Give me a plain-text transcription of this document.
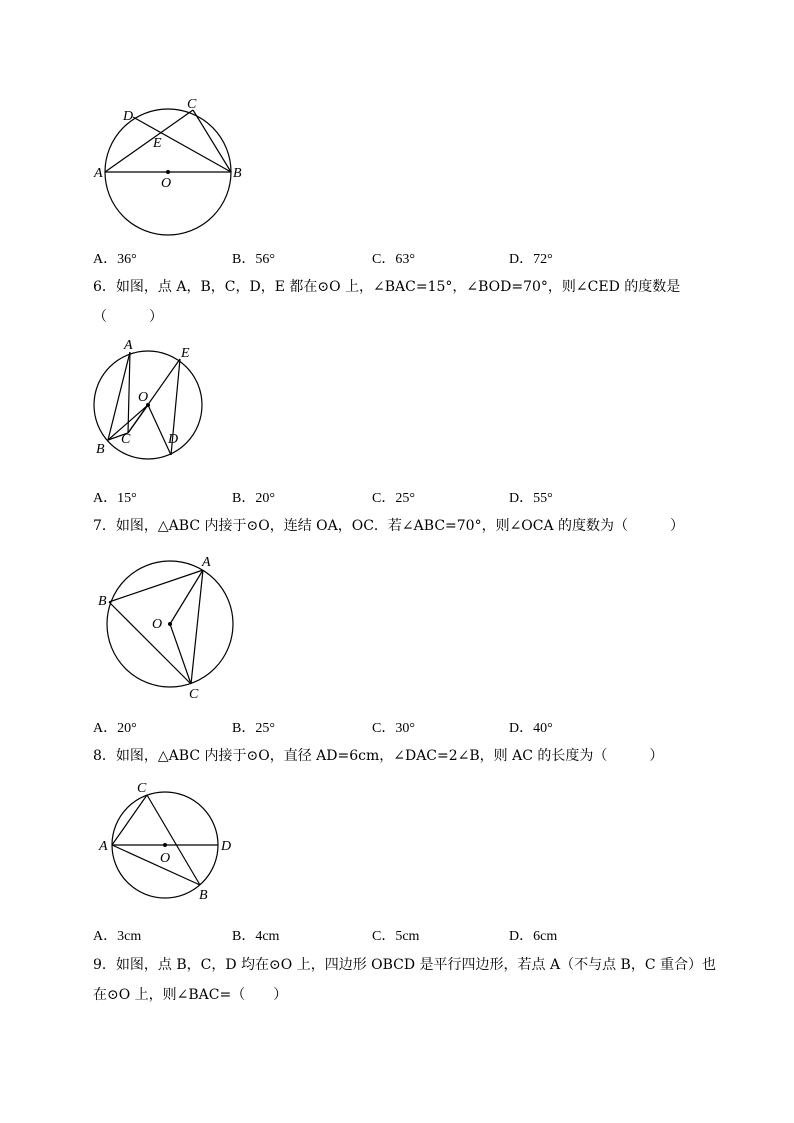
D
C
E
A
O
B
A．36°	B．56°	C．63°	D．72°
6．如图，点 A，B，C，D，E 都在⊙O 上，∠BAC=15°，∠BOD=70°，则∠CED 的度数是
（　　　）
A
E
O
B
C	D
A．15°	B．20°	C．25°	D．55°
7．如图，△ABC 内接于⊙O，连结 OA，OC．若∠ABC=70°，则∠OCA 的度数为（　　　）
A
B
O
C
A．20°	B．25°	C．30°	D．40°
8．如图，△ABC 内接于⊙O，直径 AD=6cm，∠DAC=2∠B，则 AC 的长度为（　　　）
C
A
O
D
B
A．3cm	B．4cm	C．5cm	D．6cm
9．如图，点 B，C，D 均在⊙O 上，四边形 OBCD 是平行四边形，若点 A（不与点 B，C 重合）也
在⊙O 上，则∠BAC=（　　）
